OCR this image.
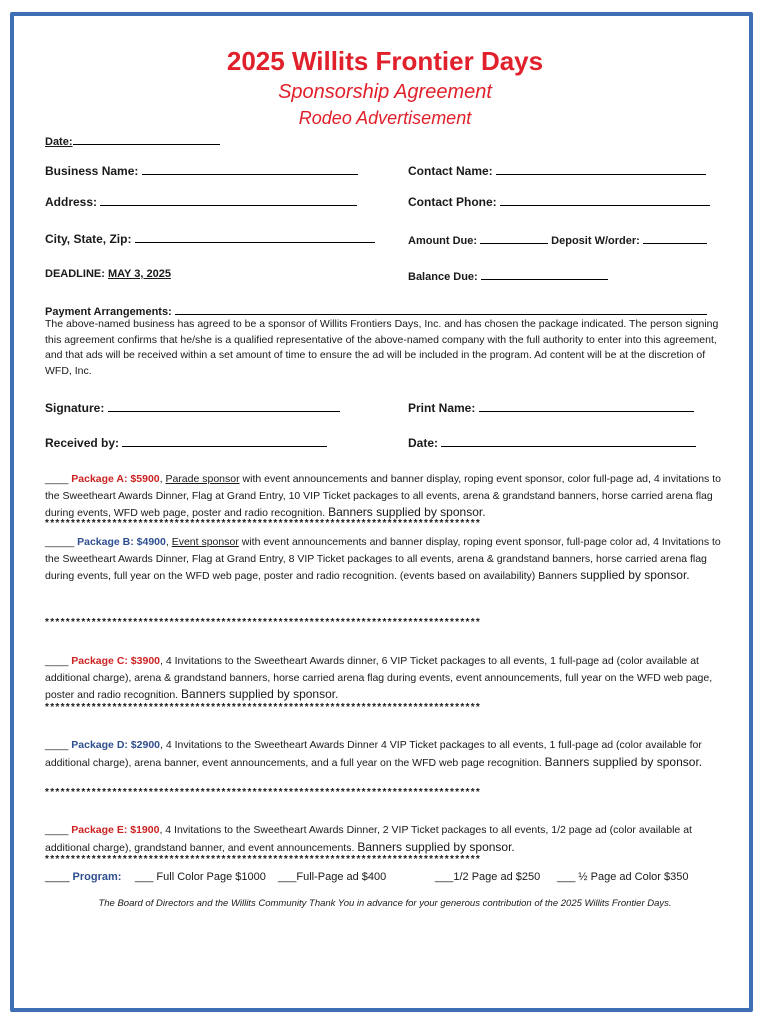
2025 Willits Frontier Days
Sponsorship Agreement
Rodeo Advertisement
Date:
Business Name:	Contact Name:
Address:	Contact Phone:
City, State, Zip:	Amount Due:	Deposit W/order:
DEADLINE: MAY 3, 2025	Balance Due:
Payment Arrangements:
The above-named business has agreed to be a sponsor of Willits Frontiers Days, Inc. and has chosen the package indicated. The person signing this agreement confirms that he/she is a qualified representative of the above-named company with the full authority to enter into this agreement, and that ads will be received within a set amount of time to ensure the ad will be included in the program. Ad content will be at the discretion of WFD, Inc.
Signature:	Print Name:
Received by:	Date:
____ Package A: $5900, Parade sponsor with event announcements and banner display, roping event sponsor, color full-page ad, 4 invitations to the Sweetheart Awards Dinner, Flag at Grand Entry, 10 VIP Ticket packages to all events, arena & grandstand banners, horse carried arena flag during events, WFD web page, poster and radio recognition. Banners supplied by sponsor.
************************************************************************************
_____ Package B: $4900, Event sponsor with event announcements and banner display, roping event sponsor, full-page color ad, 4 Invitations to the Sweetheart Awards Dinner, Flag at Grand Entry, 8 VIP Ticket packages to all events, arena & grandstand banners, horse carried arena flag during events, full year on the WFD web page, poster and radio recognition. (events based on availability) Banners supplied by sponsor.
************************************************************************************
____ Package C: $3900, 4 Invitations to the Sweetheart Awards dinner, 6 VIP Ticket packages to all events, 1 full-page ad (color available at additional charge), arena & grandstand banners, horse carried arena flag during events, event announcements, full year on the WFD web page, poster and radio recognition. Banners supplied by sponsor.
************************************************************************************
____ Package D: $2900, 4 Invitations to the Sweetheart Awards Dinner 4 VIP Ticket packages to all events, 1 full-page ad (color available for additional charge), arena banner, event announcements, and a full year on the WFD web page recognition. Banners supplied by sponsor.
************************************************************************************
____ Package E: $1900, 4 Invitations to the Sweetheart Awards Dinner, 2 VIP Ticket packages to all events, 1/2 page ad (color available at additional charge), grandstand banner, and event announcements. Banners supplied by sponsor.
************************************************************************************
____ Program: ___ Full Color Page $1000 ___Full-Page ad $400	___1/2 Page ad $250 ___ ½ Page ad Color $350
The Board of Directors and the Willits Community Thank You in advance for your generous contribution of the 2025 Willits Frontier Days.
